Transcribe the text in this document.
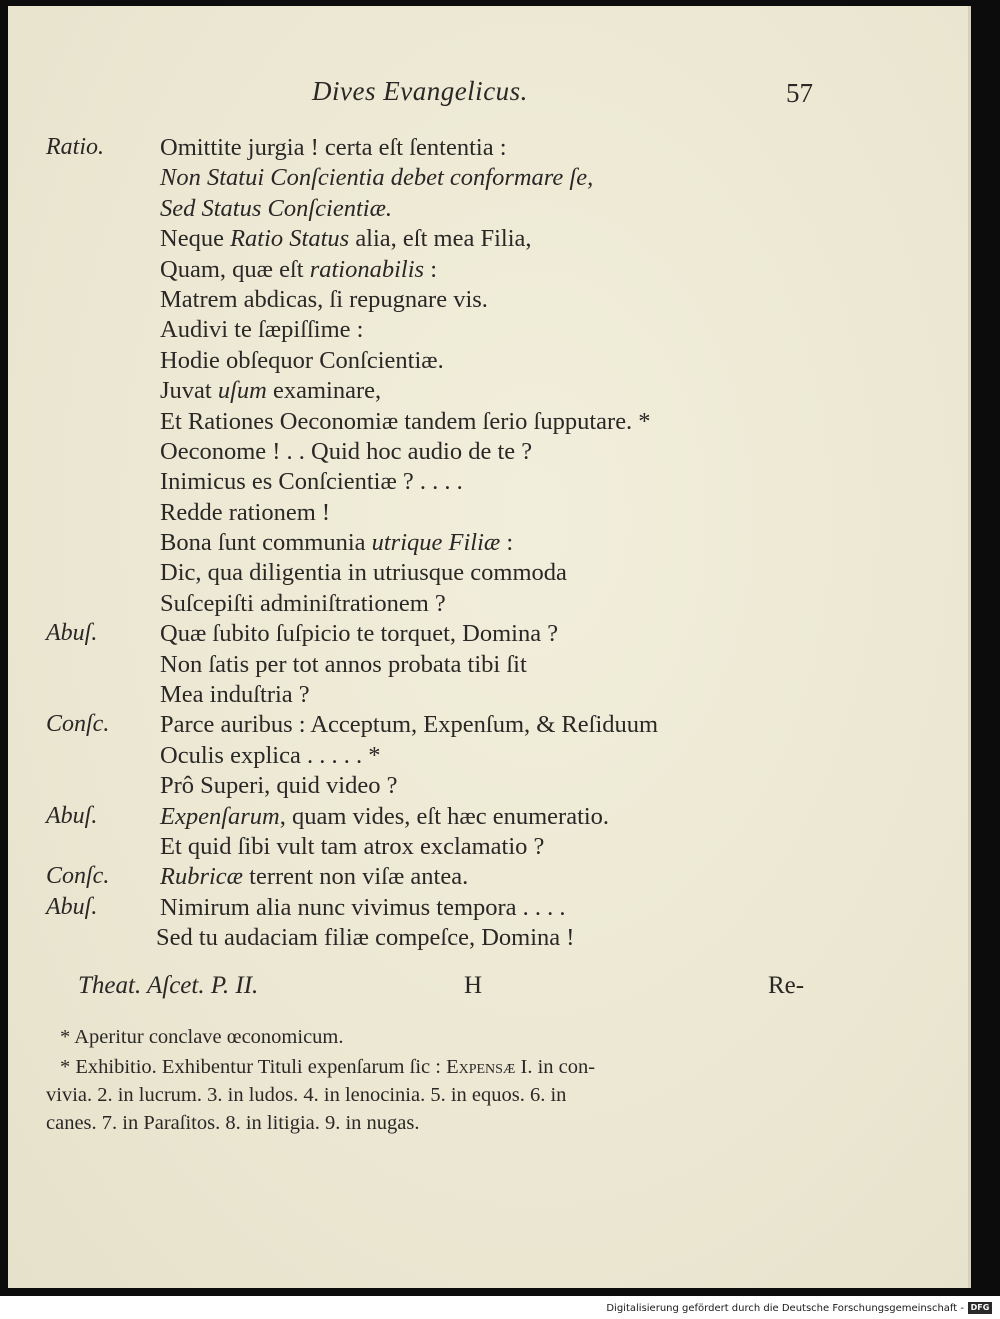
Dives Evangelicus.	57
Ratio. Omittite jurgia ! certa eſt ſententia :
Non Statui Conſcientia debet conformare ſe,
Sed Status Conſcientiæ.
Neque Ratio Status alia, eſt mea Filia,
Quam, quæ eſt rationabilis :
Matrem abdicas, ſi repugnare vis.
Audivi te ſæpiſſime :
Hodie obſequor Conſcientiæ.
Juvat uſum examinare,
Et Rationes Oeconomiæ tandem ſerio ſupputare. *
Oeconome ! . . Quid hoc audio de te ?
Inimicus es Conſcientiæ ? . . . .
Redde rationem !
Bona ſunt communia utrique Filiæ :
Dic, qua diligentia in utriusque commoda
Suſcepiſti adminiſtrationem ?
Abuſ.	Quæ ſubito ſuſpicio te torquet, Domina ?
Non ſatis per tot annos probata tibi ſit
Mea induſtria ?
Conſc. Parce auribus : Acceptum, Expenſum, & Reſiduum
Oculis explica . . . . . *
Prô Superi, quid video ?
Abuſ.	Expenſarum, quam vides, eſt hæc enumeratio.
Et quid ſibi vult tam atrox exclamatio ?
Conſc. Rubricæ terrent non viſæ antea.
Abuſ.	Nimirum alia nunc vivimus tempora . . . .
Sed tu audaciam filiæ compeſce, Domina !
Theat. Aſcet. P. II.	H	Re-
* Aperitur conclave œconomicum.
* Exhibitio. Exhibentur Tituli expenſarum ſic : Expensæ I. in con-
vivia. 2. in lucrum. 3. in ludos. 4. in lenocinia. 5. in equos. 6. in
canes. 7. in Paraſitos. 8. in litigia. 9. in nugas.
Digitalisierung gefördert durch die Deutsche Forschungsgemeinschaft - DFG
